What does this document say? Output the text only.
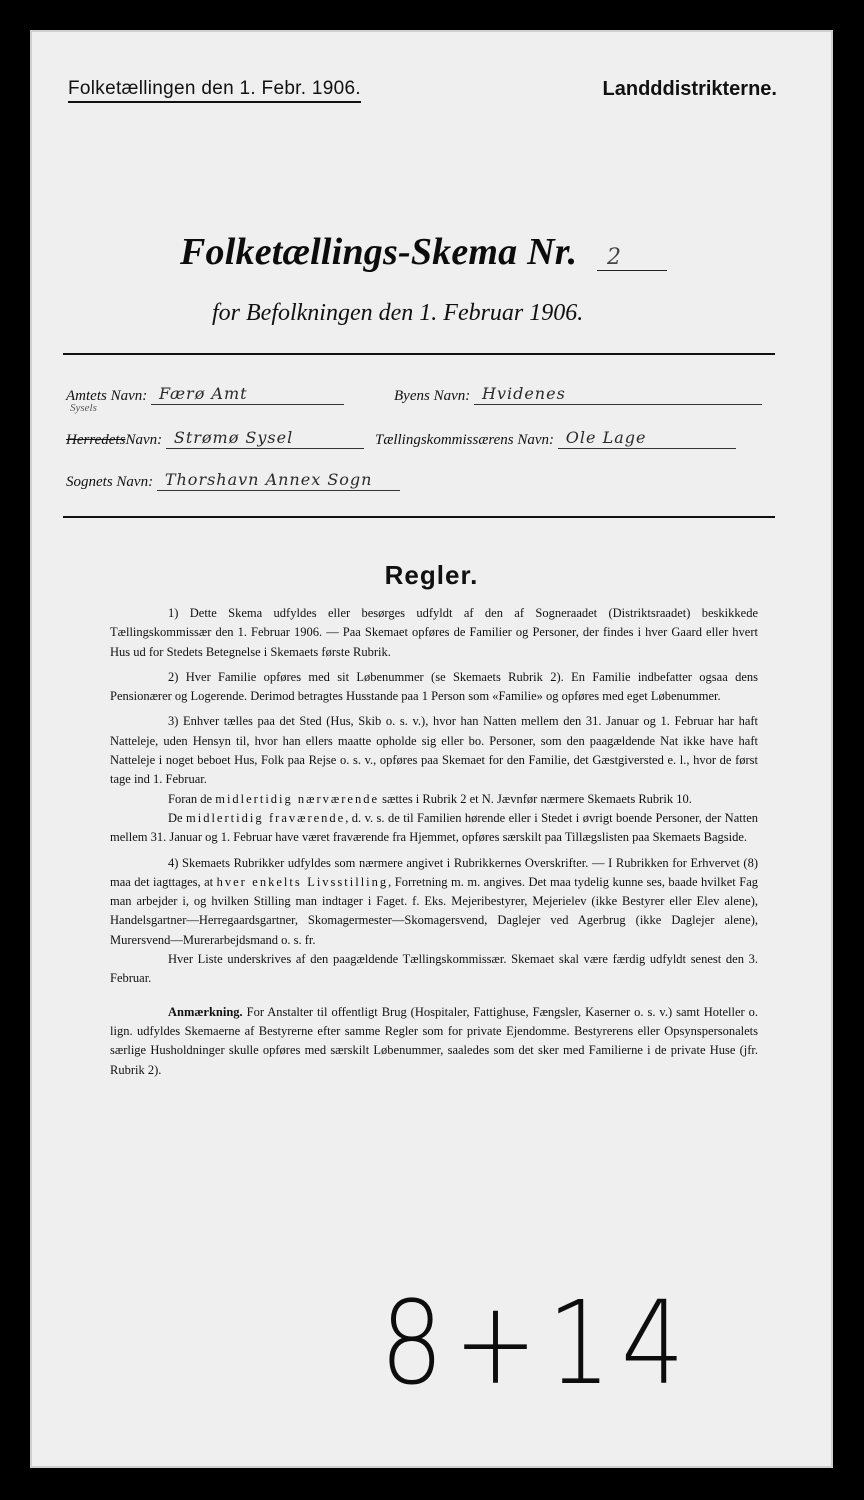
Folketællingen den 1. Febr. 1906.	Landddistrikterne.
Folketællings-Skema Nr. 2
for Befolkningen den 1. Februar 1906.
Amtets Navn: Færø Amt	Byens Navn: Hvidenes
Sysels
HerredetsNavn: Strømø Sysel	Tællingskommissærens Navn: Ole Lage
Sognets Navn: Thorshavn Annex Sogn
Regler.

1) Dette Skema udfyldes eller besørges udfyldt af den af Sogneraadet (Distriktsraadet) beskikkede Tællingskommissær den 1. Februar 1906. — Paa Skemaet opføres de Familier og Personer, der findes i hver Gaard eller hvert Hus ud for Stedets Betegnelse i Skemaets første Rubrik.

2) Hver Familie opføres med sit Løbenummer (se Skemaets Rubrik 2). En Familie indbefatter ogsaa dens Pensionærer og Logerende. Derimod betragtes Husstande paa 1 Person som «Familie» og opføres med eget Løbenummer.

3) Enhver tælles paa det Sted (Hus, Skib o. s. v.), hvor han Natten mellem den 31. Januar og 1. Februar har haft Natteleje, uden Hensyn til, hvor han ellers maatte opholde sig eller bo. Personer, som den paagældende Nat ikke have haft Natteleje i noget beboet Hus, Folk paa Rejse o. s. v., opføres paa Skemaet for den Familie, det Gæstgiversted e. l., hvor de først tage ind 1. Februar.

Foran de midlertidig nærværende sættes i Rubrik 2 et N. Jævnfør nærmere Skemaets Rubrik 10.

De midlertidig fraværende, d. v. s. de til Familien hørende eller i Stedet i øvrigt boende Personer, der Natten mellem 31. Januar og 1. Februar have været fraværende fra Hjemmet, opføres særskilt paa Tillægslisten paa Skemaets Bagside.

4) Skemaets Rubrikker udfyldes som nærmere angivet i Rubrikkernes Overskrifter. — I Rubrikken for Erhvervet (8) maa det iagttages, at hver enkelts Livsstilling, Forretning m. m. angives. Det maa tydelig kunne ses, baade hvilket Fag man arbejder i, og hvilken Stilling man indtager i Faget. f. Eks. Mejeribestyrer, Mejerielev (ikke Bestyrer eller Elev alene), Handelsgartner—Herregaardsgartner, Skomagermester—Skomagersvend, Daglejer ved Agerbrug (ikke Daglejer alene), Murersvend—Murerarbejdsmand o. s. fr.

Hver Liste underskrives af den paagældende Tællingskommissær. Skemaet skal være færdig udfyldt senest den 3. Februar.

Anmærkning. For Anstalter til offentligt Brug (Hospitaler, Fattighuse, Fængsler, Kaserner o. s. v.) samt Hoteller o. lign. udfyldes Skemaerne af Bestyrerne efter samme Regler som for private Ejendomme. Bestyrerens eller Opsynspersonalets særlige Husholdninger skulle opføres med særskilt Løbenummer, saaledes som det sker med Familierne i de private Huse (jfr. Rubrik 2).

8+14
